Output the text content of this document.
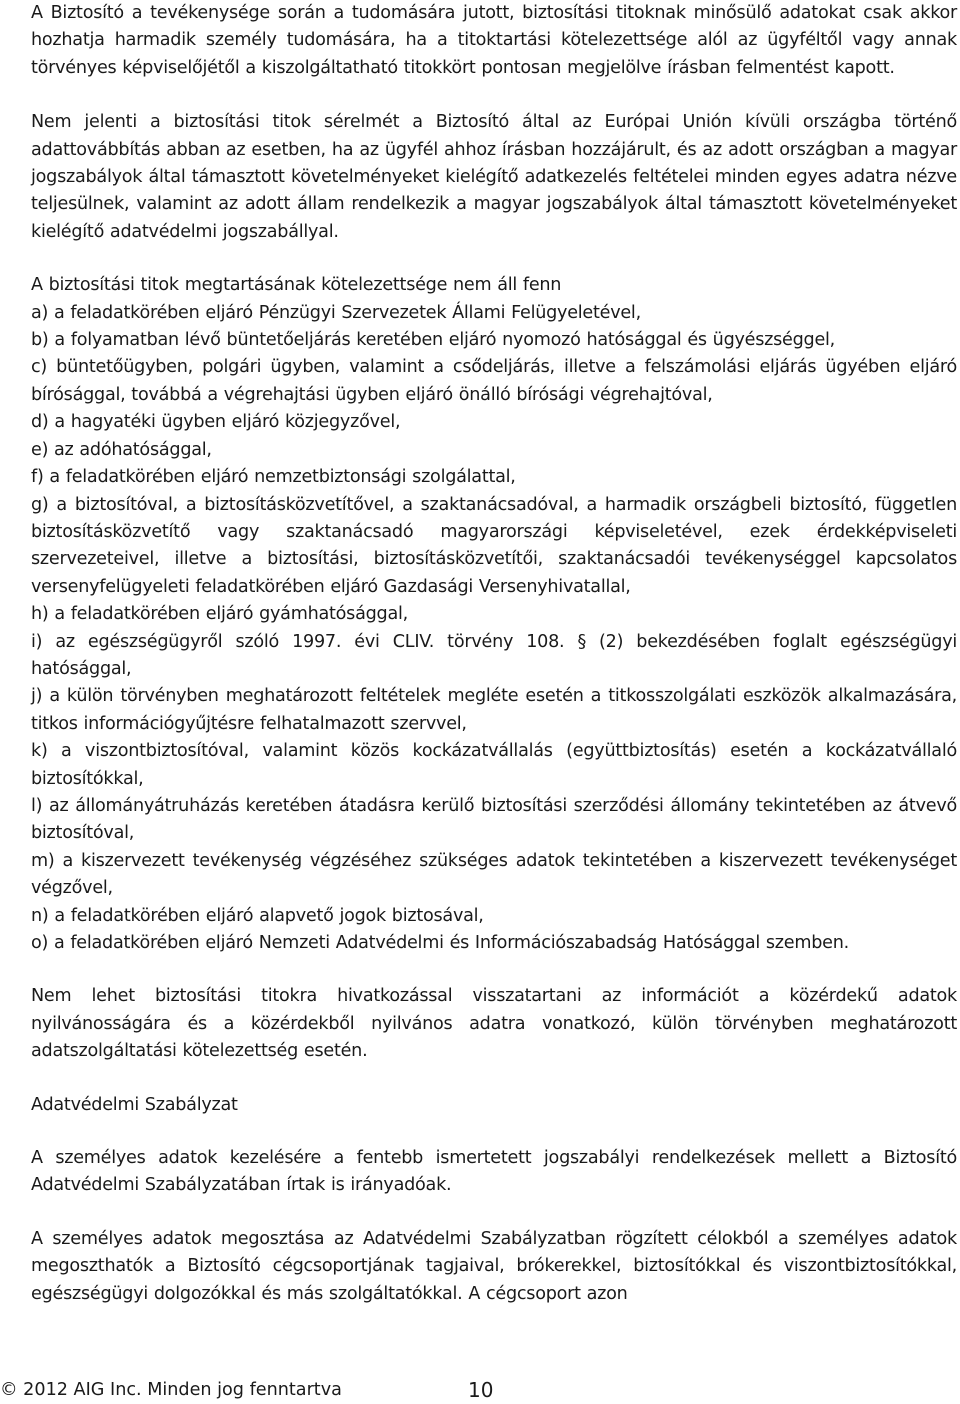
A Biztosító a tevékenysége során a tudomására jutott, biztosítási titoknak minősülő adatokat csak akkor hozhatja harmadik személy tudomására, ha a titoktartási kötelezettsége alól az ügyféltől vagy annak törvényes képviselőjétől a kiszolgáltatható titokkört pontosan megjelölve írásban felmentést kapott.

Nem jelenti a biztosítási titok sérelmét a Biztosító által az Európai Unión kívüli országba történő adattovábbítás abban az esetben, ha az ügyfél ahhoz írásban hozzájárult, és az adott országban a magyar jogszabályok által támasztott követelményeket kielégítő adatkezelés feltételei minden egyes adatra nézve teljesülnek, valamint az adott állam rendelkezik a magyar jogszabályok által támasztott követelményeket kielégítő adatvédelmi jogszabállyal.

A biztosítási titok megtartásának kötelezettsége nem áll fenn

a) a feladatkörében eljáró Pénzügyi Szervezetek Állami Felügyeletével,

b) a folyamatban lévő büntetőeljárás keretében eljáró nyomozó hatósággal és ügyészséggel,

c) büntetőügyben, polgári ügyben, valamint a csődeljárás, illetve a felszámolási eljárás ügyében eljáró bírósággal, továbbá a végrehajtási ügyben eljáró önálló bírósági végrehajtóval,

d) a hagyatéki ügyben eljáró közjegyzővel,

e) az adóhatósággal,

f) a feladatkörében eljáró nemzetbiztonsági szolgálattal,

g) a biztosítóval, a biztosításközvetítővel, a szaktanácsadóval, a harmadik országbeli biztosító, független biztosításközvetítő vagy szaktanácsadó magyarországi képviseletével, ezek érdekképviseleti szervezeteivel, illetve a biztosítási, biztosításközvetítői, szaktanácsadói tevékenységgel kapcsolatos versenyfelügyeleti feladatkörében eljáró Gazdasági Versenyhivatallal,

h) a feladatkörében eljáró gyámhatósággal,

i) az egészségügyről szóló 1997. évi CLIV. törvény 108. § (2) bekezdésében foglalt egészségügyi hatósággal,

j) a külön törvényben meghatározott feltételek megléte esetén a titkosszolgálati eszközök alkalmazására, titkos információgyűjtésre felhatalmazott szervvel,

k) a viszontbiztosítóval, valamint közös kockázatvállalás (együttbiztosítás) esetén a kockázatvállaló biztosítókkal,

l) az állományátruházás keretében átadásra kerülő biztosítási szerződési állomány tekintetében az átvevő biztosítóval,

m) a kiszervezett tevékenység végzéséhez szükséges adatok tekintetében a kiszervezett tevékenységet végzővel,

n) a feladatkörében eljáró alapvető jogok biztosával,

o) a feladatkörében eljáró Nemzeti Adatvédelmi és Információszabadság Hatósággal szemben.

Nem lehet biztosítási titokra hivatkozással visszatartani az információt a közérdekű adatok nyilvánosságára és a közérdekből nyilvános adatra vonatkozó, külön törvényben meghatározott adatszolgáltatási kötelezettség esetén.

Adatvédelmi Szabályzat

A személyes adatok kezelésére a fentebb ismertetett jogszabályi rendelkezések mellett a Biztosító Adatvédelmi Szabályzatában írtak is irányadóak.

A személyes adatok megosztása az Adatvédelmi Szabályzatban rögzített célokból a személyes adatok megoszthatók a Biztosító cégcsoportjának tagjaival, brókerekkel, biztosítókkal és viszontbiztosítókkal, egészségügyi dolgozókkal és más szolgáltatókkal. A cégcsoport azon

© 2012 AIG Inc. Minden jog fenntartva	10
